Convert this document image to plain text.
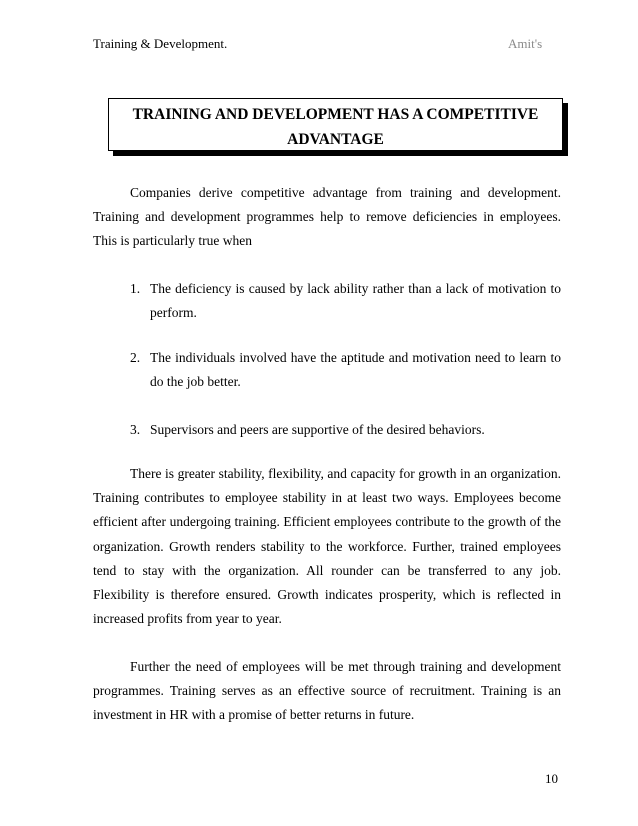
Training & Development.	Amit's
TRAINING AND DEVELOPMENT HAS A COMPETITIVE
ADVANTAGE

Companies derive competitive advantage from training and development. Training and development programmes help to remove deficiencies in employees. This is particularly true when

1. The deficiency is caused by lack ability rather than a lack of motivation to perform.
2. The individuals involved have the aptitude and motivation need to learn to do the job better.
3. Supervisors and peers are supportive of the desired behaviors.

There is greater stability, flexibility, and capacity for growth in an organization. Training contributes to employee stability in at least two ways. Employees become efficient after undergoing training. Efficient employees contribute to the growth of the organization. Growth renders stability to the workforce. Further, trained employees tend to stay with the organization. All rounder can be transferred to any job. Flexibility is therefore ensured. Growth indicates prosperity, which is reflected in increased profits from year to year.

Further the need of employees will be met through training and development programmes. Training serves as an effective source of recruitment. Training is an investment in HR with a promise of better returns in future.

10
